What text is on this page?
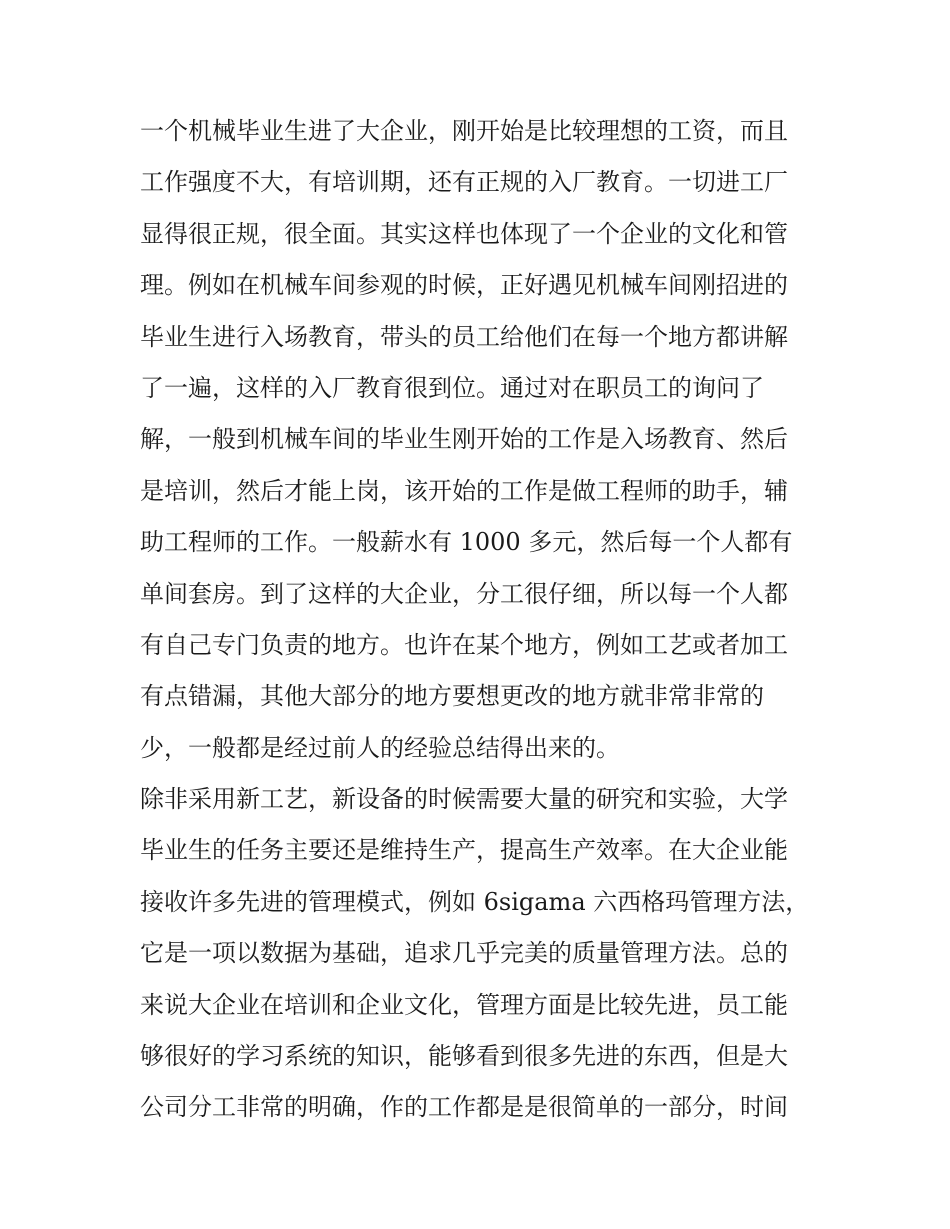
一个机械毕业生进了大企业，刚开始是比较理想的工资，而且
工作强度不大，有培训期，还有正规的入厂教育。一切进工厂
显得很正规，很全面。其实这样也体现了一个企业的文化和管
理。例如在机械车间参观的时候，正好遇见机械车间刚招进的
毕业生进行入场教育，带头的员工给他们在每一个地方都讲解
了一遍，这样的入厂教育很到位。通过对在职员工的询问了
解，一般到机械车间的毕业生刚开始的工作是入场教育、然后
是培训，然后才能上岗，该开始的工作是做工程师的助手，辅
助工程师的工作。一般薪水有 1000 多元，然后每一个人都有
单间套房。到了这样的大企业，分工很仔细，所以每一个人都
有自己专门负责的地方。也许在某个地方，例如工艺或者加工
有点错漏，其他大部分的地方要想更改的地方就非常非常的
少，一般都是经过前人的经验总结得出来的。
除非采用新工艺，新设备的时候需要大量的研究和实验，大学
毕业生的任务主要还是维持生产，提高生产效率。在大企业能
接收许多先进的管理模式，例如 6sigama 六西格玛管理方法，
它是一项以数据为基础，追求几乎完美的质量管理方法。总的
来说大企业在培训和企业文化，管理方面是比较先进，员工能
够很好的学习系统的知识，能够看到很多先进的东西，但是大
公司分工非常的明确，作的工作都是是很简单的一部分，时间
